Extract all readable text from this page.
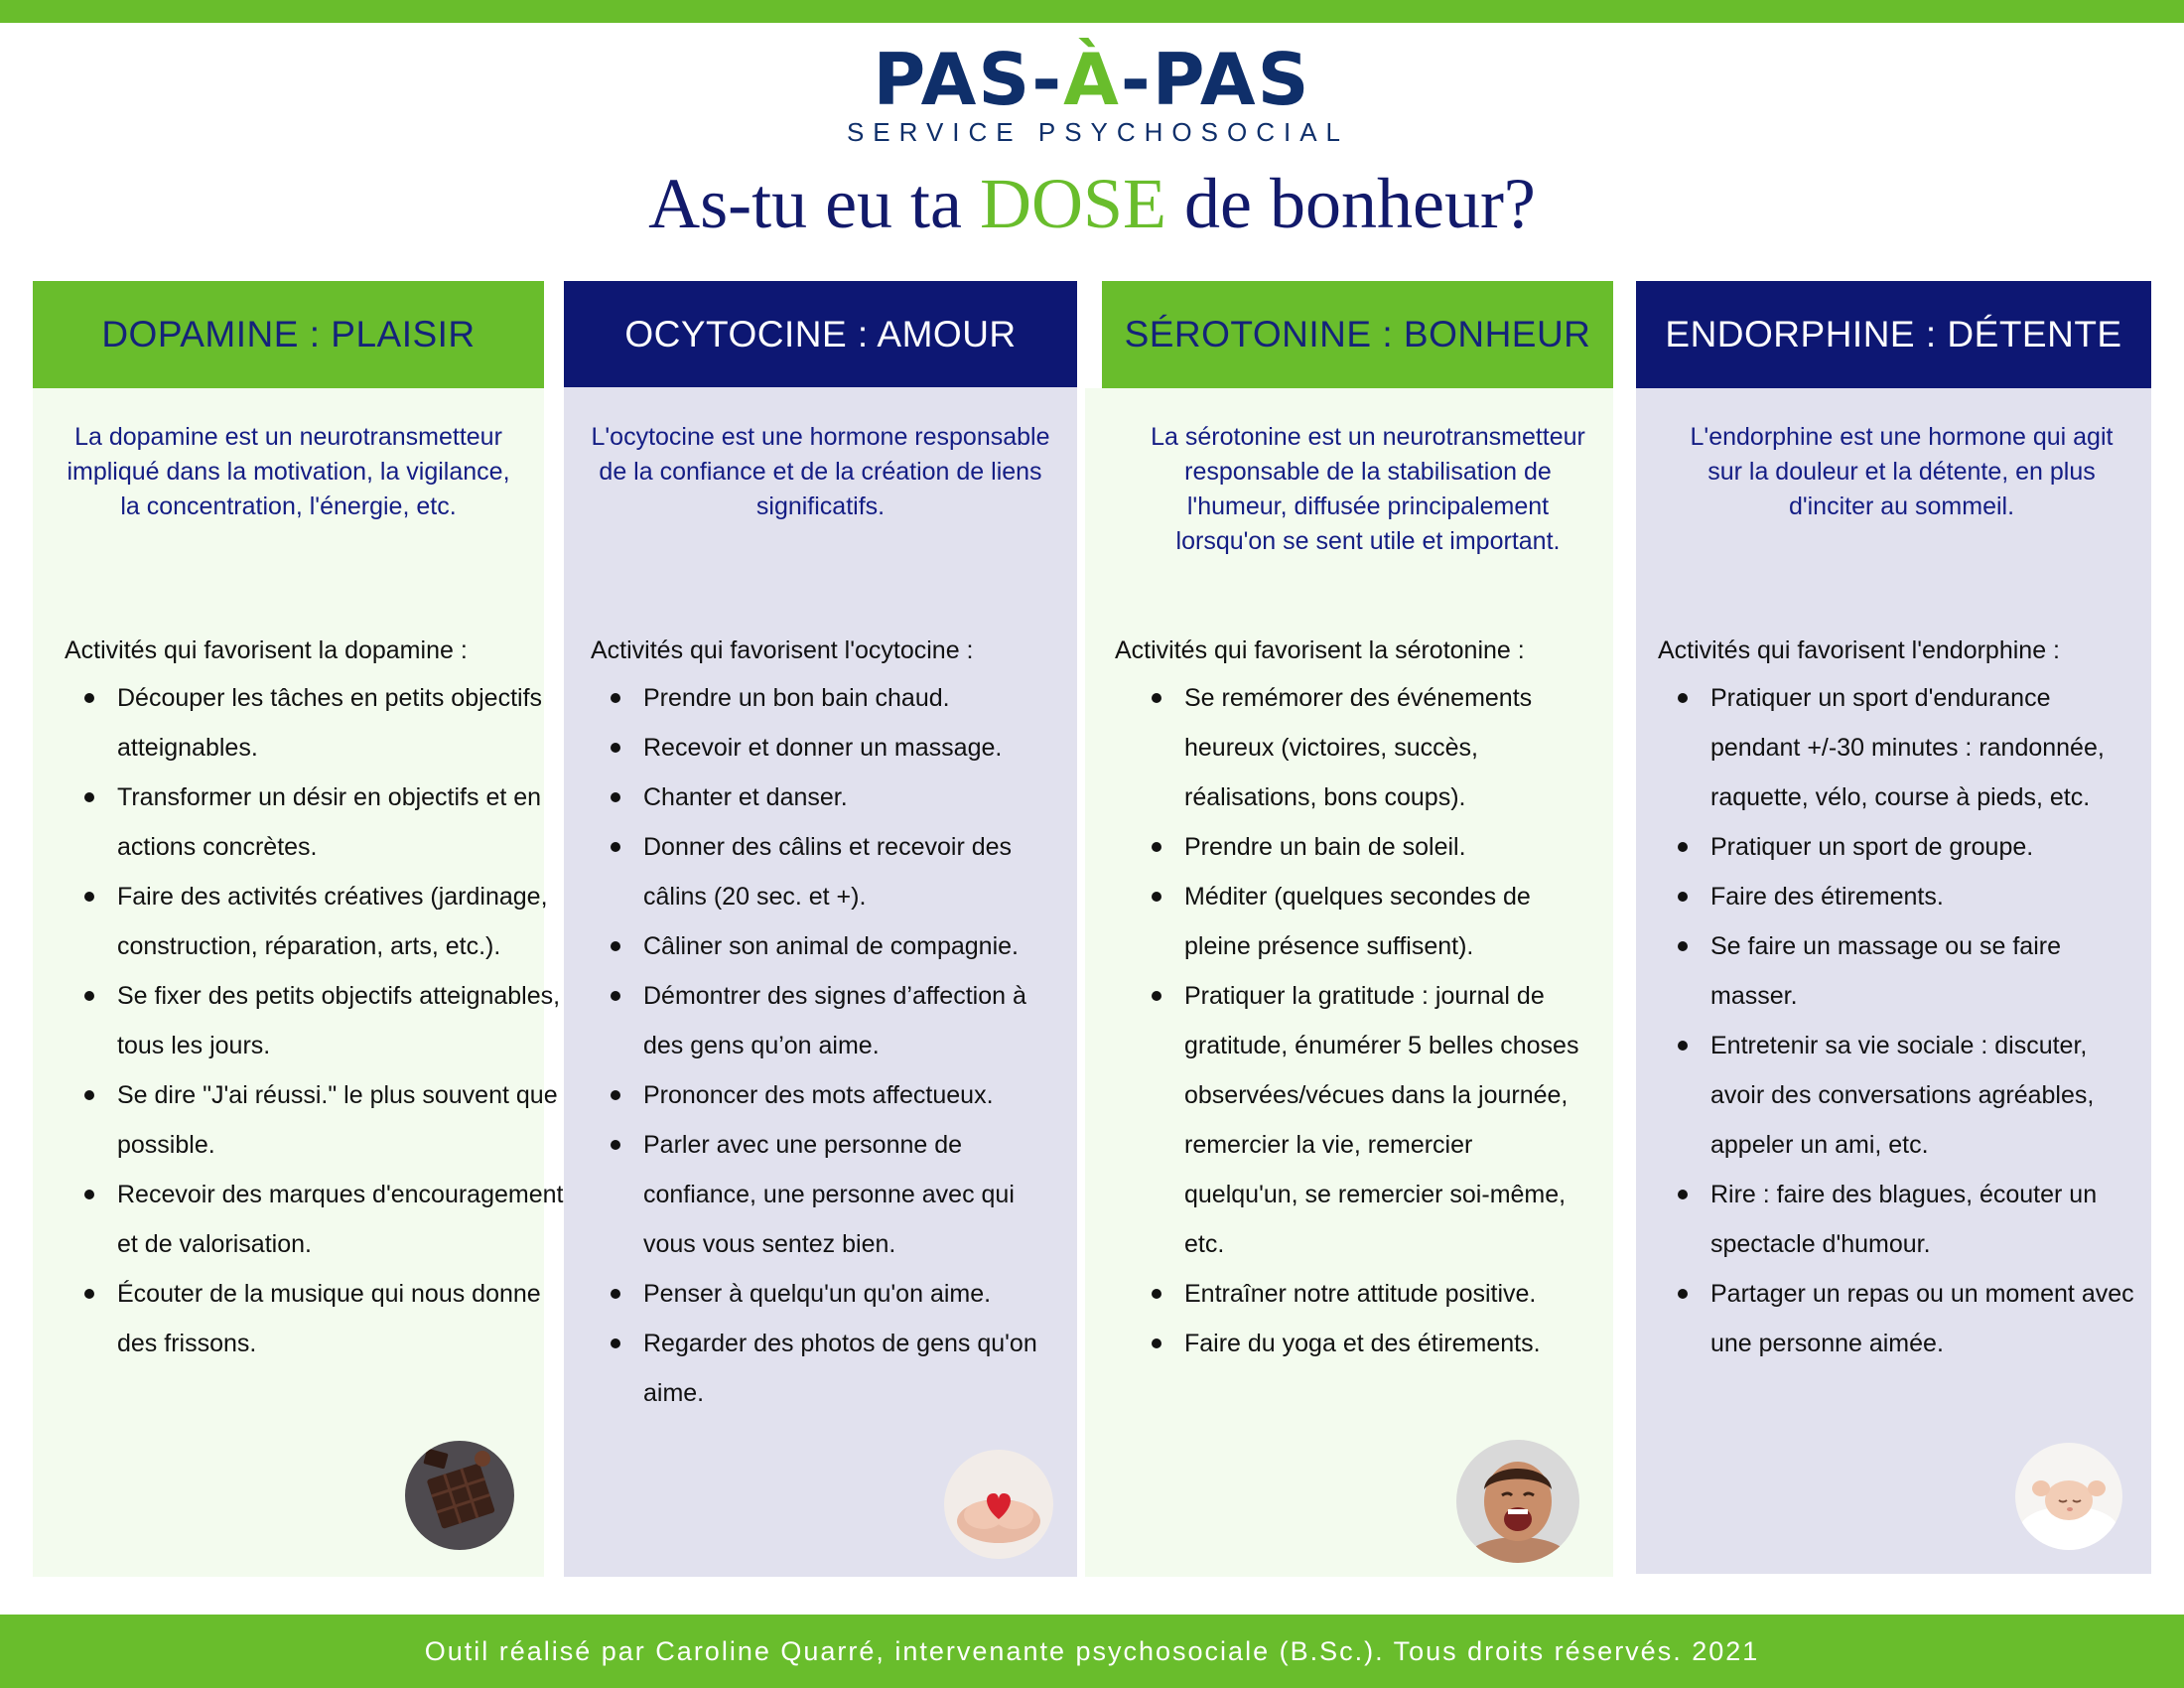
PAS-À-PAS
SERVICE PSYCHOSOCIAL
As-tu eu ta DOSE de bonheur?
DOPAMINE : PLAISIR
La dopamine est un neurotransmetteur impliqué dans la motivation, la vigilance, la concentration, l'énergie, etc.
Activités qui favorisent la dopamine :
Découper les tâches en petits objectifs atteignables.
Transformer un désir en objectifs et en actions concrètes.
Faire des activités créatives (jardinage, construction, réparation, arts, etc.).
Se fixer des petits objectifs atteignables, tous les jours.
Se dire "J'ai réussi." le plus souvent que possible.
Recevoir des marques d'encouragement et de valorisation.
Écouter de la musique qui nous donne des frissons.
OCYTOCINE : AMOUR
L'ocytocine est une hormone responsable de la confiance et de la création de liens significatifs.
Activités qui favorisent l'ocytocine :
Prendre un bon bain chaud.
Recevoir et donner un massage.
Chanter et danser.
Donner des câlins et recevoir des câlins (20 sec. et +).
Câliner son animal de compagnie.
Démontrer des signes d’affection à des gens qu’on aime.
Prononcer des mots affectueux.
Parler avec une personne de confiance, une personne avec qui vous vous sentez bien.
Penser à quelqu'un qu'on aime.
Regarder des photos de gens qu'on aime.
SÉROTONINE : BONHEUR
La sérotonine est un neurotransmetteur responsable de la stabilisation de l'humeur, diffusée principalement lorsqu'on se sent utile et important.
Activités qui favorisent la sérotonine :
Se remémorer des événements heureux (victoires, succès, réalisations, bons coups).
Prendre un bain de soleil.
Méditer (quelques secondes de pleine présence suffisent).
Pratiquer la gratitude : journal de gratitude, énumérer 5 belles choses observées/vécues dans la journée, remercier la vie, remercier quelqu'un, se remercier soi-même, etc.
Entraîner notre attitude positive.
Faire du yoga et des étirements.
ENDORPHINE : DÉTENTE
L'endorphine est une hormone qui agit sur la douleur et la détente, en plus d'inciter au sommeil.
Activités qui favorisent l'endorphine :
Pratiquer un sport d'endurance pendant +/-30 minutes : randonnée, raquette, vélo, course à pieds, etc.
Pratiquer un sport de groupe.
Faire des étirements.
Se faire un massage ou se faire masser.
Entretenir sa vie sociale : discuter, avoir des conversations agréables, appeler un ami, etc.
Rire : faire des blagues, écouter un spectacle d'humour.
Partager un repas ou un moment avec une personne aimée.
Outil réalisé par Caroline Quarré, intervenante psychosociale (B.Sc.). Tous droits réservés. 2021
